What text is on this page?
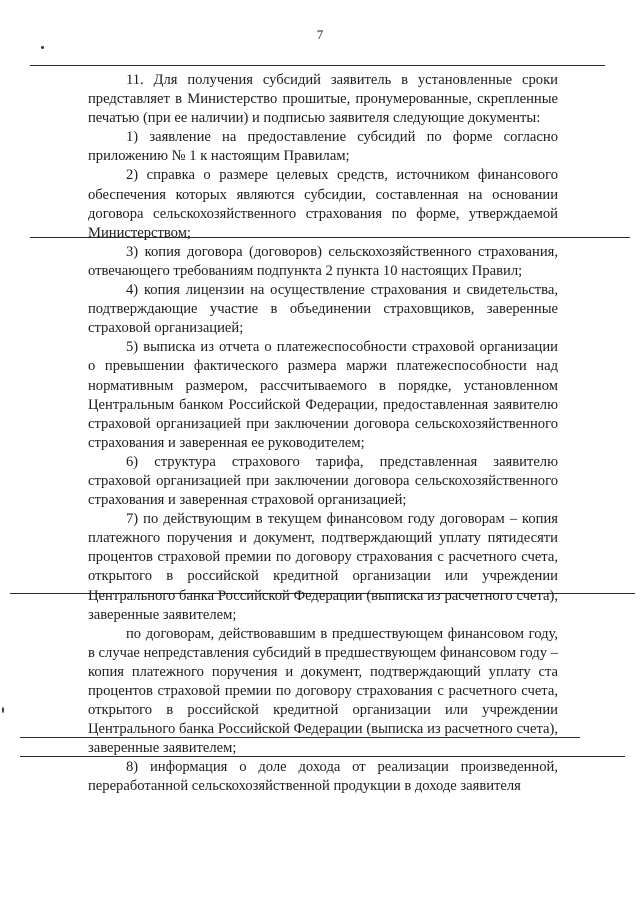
7

11. Для получения субсидий заявитель в установленные сроки представляет в Министерство прошитые, пронумерованные, скрепленные печатью (при ее наличии) и подписью заявителя следующие документы:

1) заявление на предоставление субсидий по форме согласно приложению № 1 к настоящим Правилам;

2) справка о размере целевых средств, источником финансового обеспечения которых являются субсидии, составленная на основании договора сельскохозяйственного страхования по форме, утверждаемой Министерством;

3) копия договора (договоров) сельскохозяйственного страхования, отвечающего требованиям подпункта 2 пункта 10 настоящих Правил;

4) копия лицензии на осуществление страхования и свидетельства, подтверждающие участие в объединении страховщиков, заверенные страховой организацией;

5) выписка из отчета о платежеспособности страховой организации о превышении фактического размера маржи платежеспособности над нормативным размером, рассчитываемого в порядке, установленном Центральным банком Российской Федерации, предоставленная заявителю страховой организацией при заключении договора сельскохозяйственного страхования и заверенная ее руководителем;

6) структура страхового тарифа, представленная заявителю страховой организацией при заключении договора сельскохозяйственного страхования и заверенная страховой организацией;

7) по действующим в текущем финансовом году договорам – копия платежного поручения и документ, подтверждающий уплату пятидесяти процентов страховой премии по договору страхования с расчетного счета, открытого в российской кредитной организации или учреждении Центрального банка Российской Федерации (выписка из расчетного счета), заверенные заявителем;

по договорам, действовавшим в предшествующем финансовом году, в случае непредставления субсидий в предшествующем финансовом году – копия платежного поручения и документ, подтверждающий уплату ста процентов страховой премии по договору страхования с расчетного счета, открытого в российской кредитной организации или учреждении Центрального банка Российской Федерации (выписка из расчетного счета), заверенные заявителем;

8) информация о доле дохода от реализации произведенной, переработанной сельскохозяйственной продукции в доходе заявителя
